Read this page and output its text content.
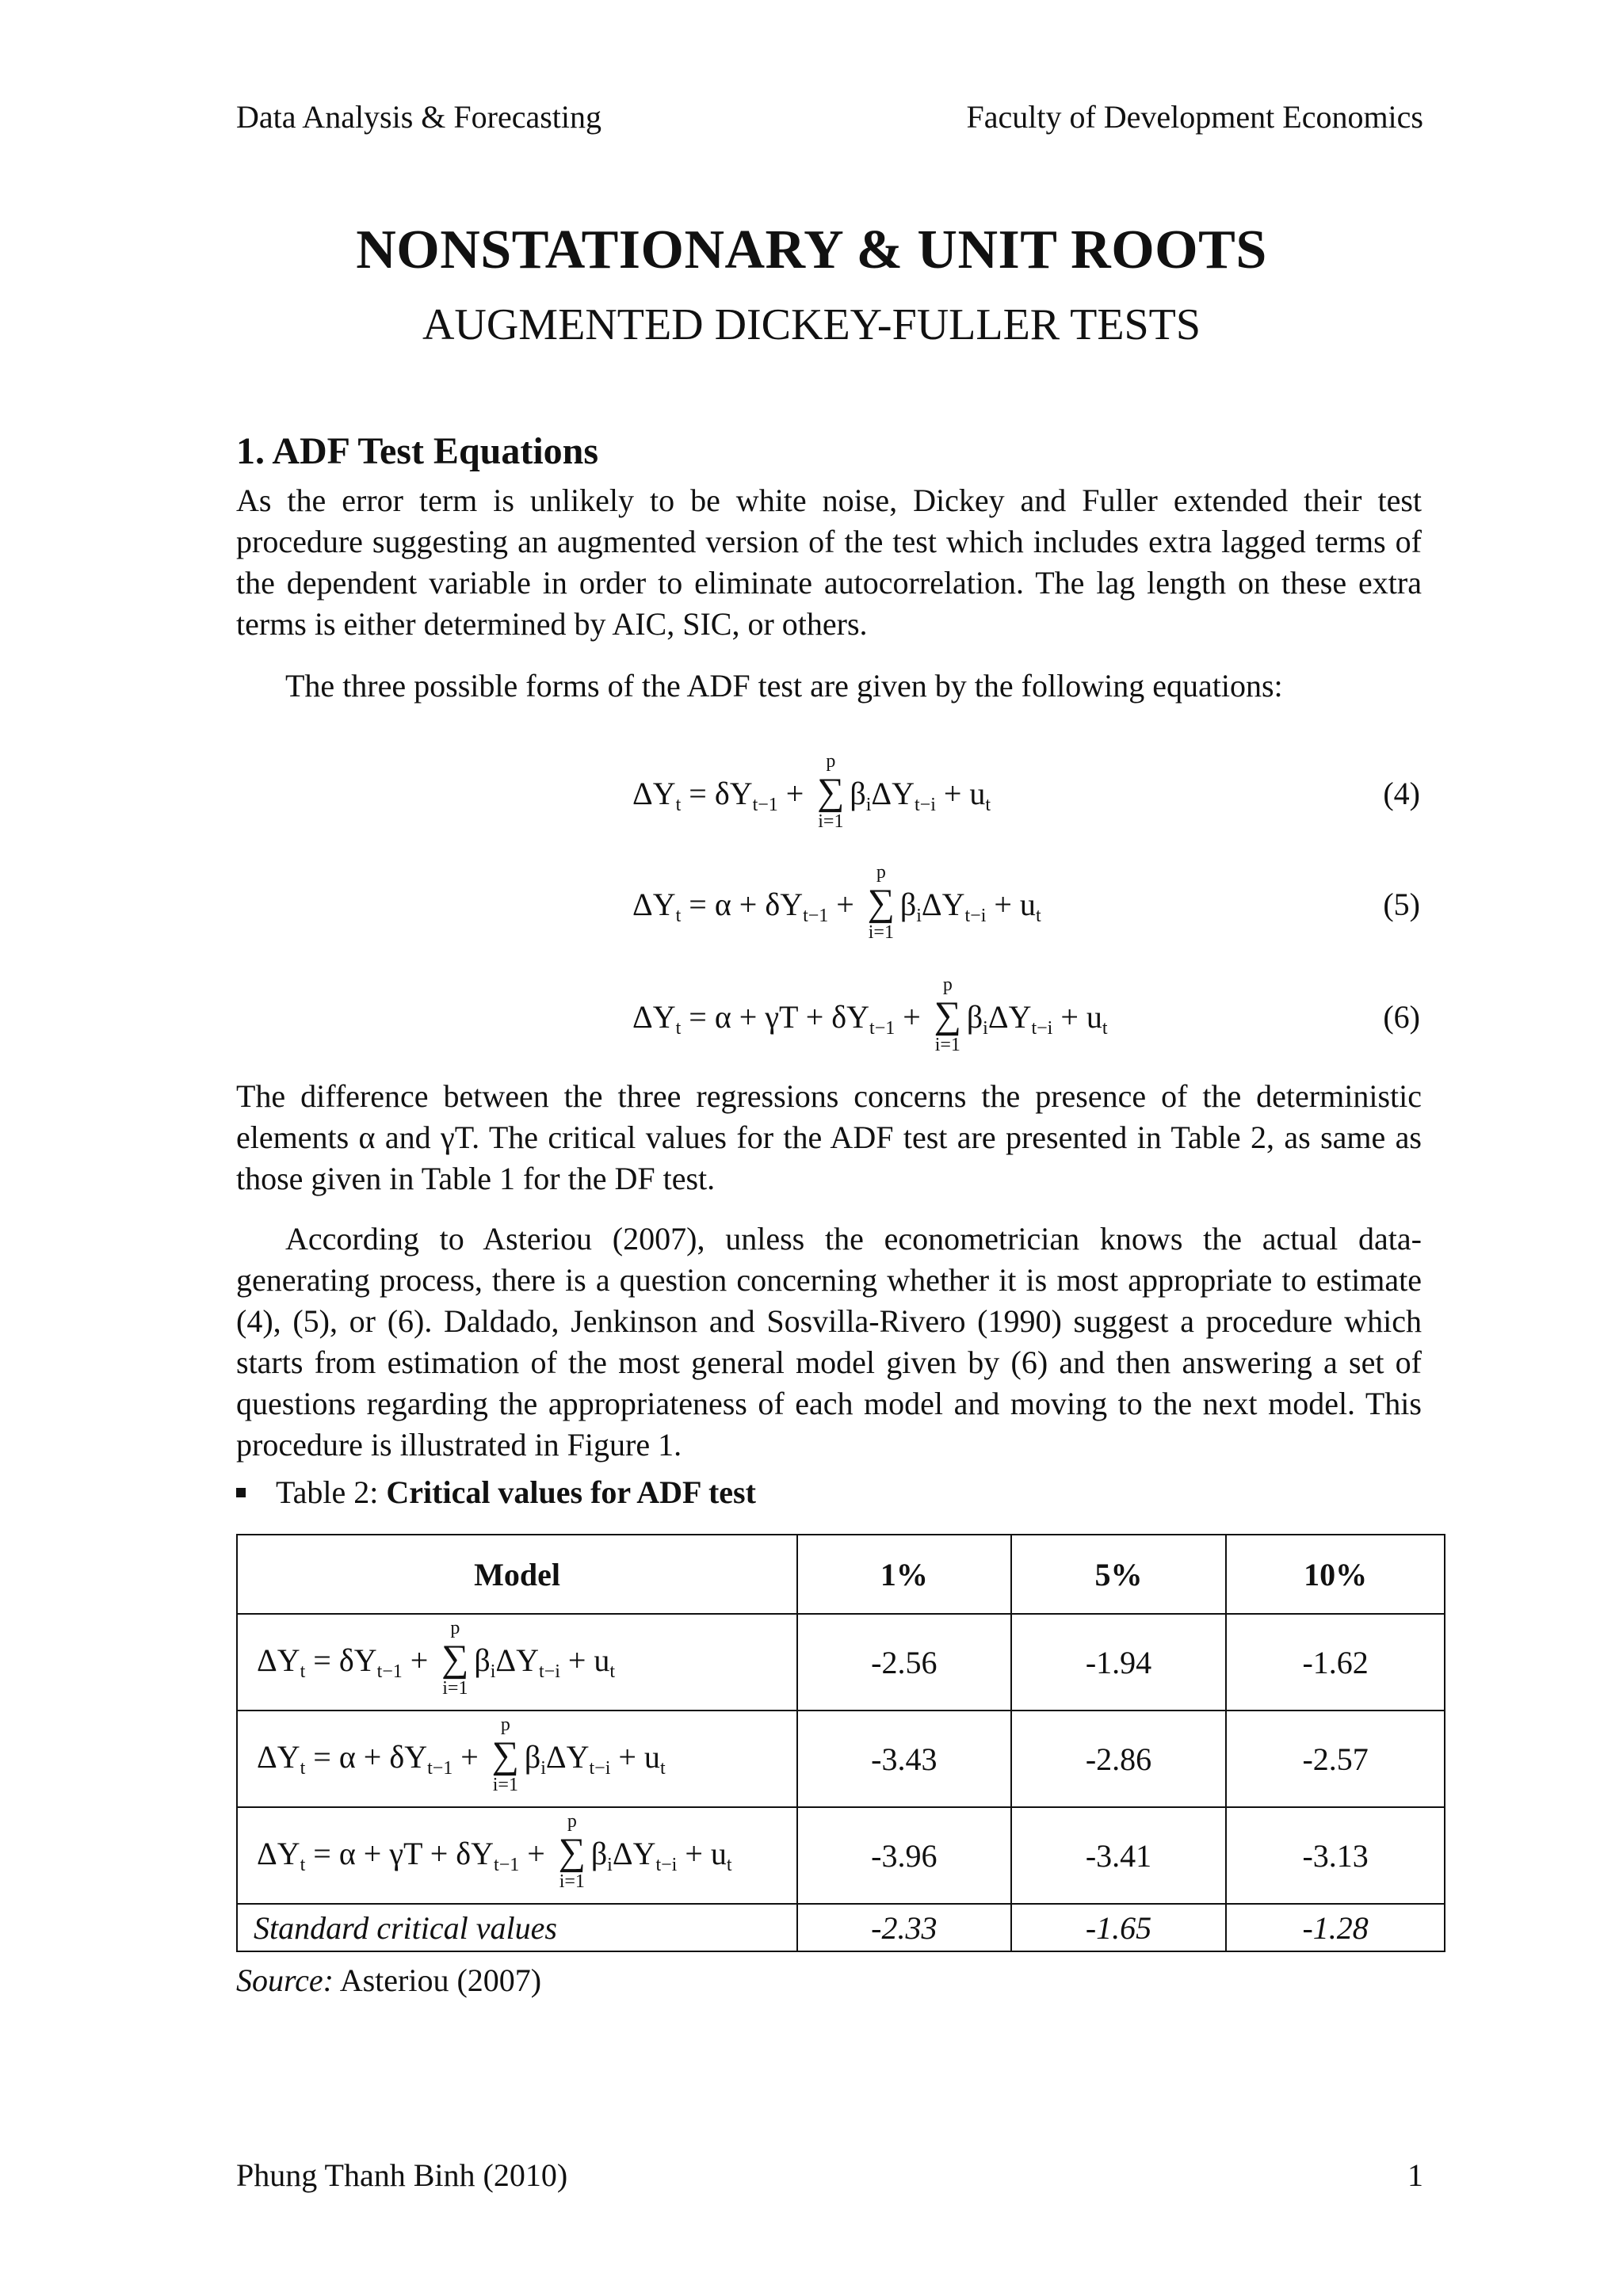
Data Analysis & Forecasting	Faculty of Development Economics
NONSTATIONARY & UNIT ROOTS
AUGMENTED DICKEY-FULLER TESTS
1. ADF Test Equations

As the error term is unlikely to be white noise, Dickey and Fuller extended their test procedure suggesting an augmented version of the test which includes extra lagged terms of the dependent variable in order to eliminate autocorrelation. The lag length on these extra terms is either determined by AIC, SIC, or others.

The three possible forms of the ADF test are given by the following equations:

$\Delta Y_t = \delta Y_{t-1}$ +
p
∑
i=1
$\beta_i\Delta Y_{t-i} + u_t$	(4)
$\Delta Y_t = \alpha + \delta Y_{t-1}$ +
p
∑
i=1
$\beta_i\Delta Y_{t-i} + u_t$	(5)
$\Delta Y_t = \alpha + \gamma T + \delta Y_{t-1}$ +
p
∑
i=1
$\beta_i\Delta Y_{t-i} + u_t$	(6)

The difference between the three regressions concerns the presence of the deterministic elements α and γT. The critical values for the ADF test are presented in Table 2, as same as those given in Table 1 for the DF test.

According to Asteriou (2007), unless the econometrician knows the actual data-generating process, there is a question concerning whether it is most appropriate to estimate (4), (5), or (6). Daldado, Jenkinson and Sosvilla-Rivero (1990) suggest a procedure which starts from estimation of the most general model given by (6) and then answering a set of questions regarding the appropriateness of each model and moving to the next model. This procedure is illustrated in Figure 1.

Table 2: Critical values for ADF test
Model	1%	5%	10%
$\Delta Y_t = \delta Y_{t-1}$ +
p
∑
i=1
$\beta_i\Delta Y_{t-i} + u_t$	-2.56	-1.94	-1.62
$\Delta Y_t = \alpha + \delta Y_{t-1}$ +
p
∑
i=1
$\beta_i\Delta Y_{t-i} + u_t$	-3.43	-2.86	-2.57
$\Delta Y_t = \alpha + \gamma T + \delta Y_{t-1}$ +
p
∑
i=1
$\beta_i\Delta Y_{t-i} + u_t$	-3.96	-3.41	-3.13
Standard critical values	-2.33	-1.65	-1.28
Source: Asteriou (2007)
Phung Thanh Binh (2010)	1
